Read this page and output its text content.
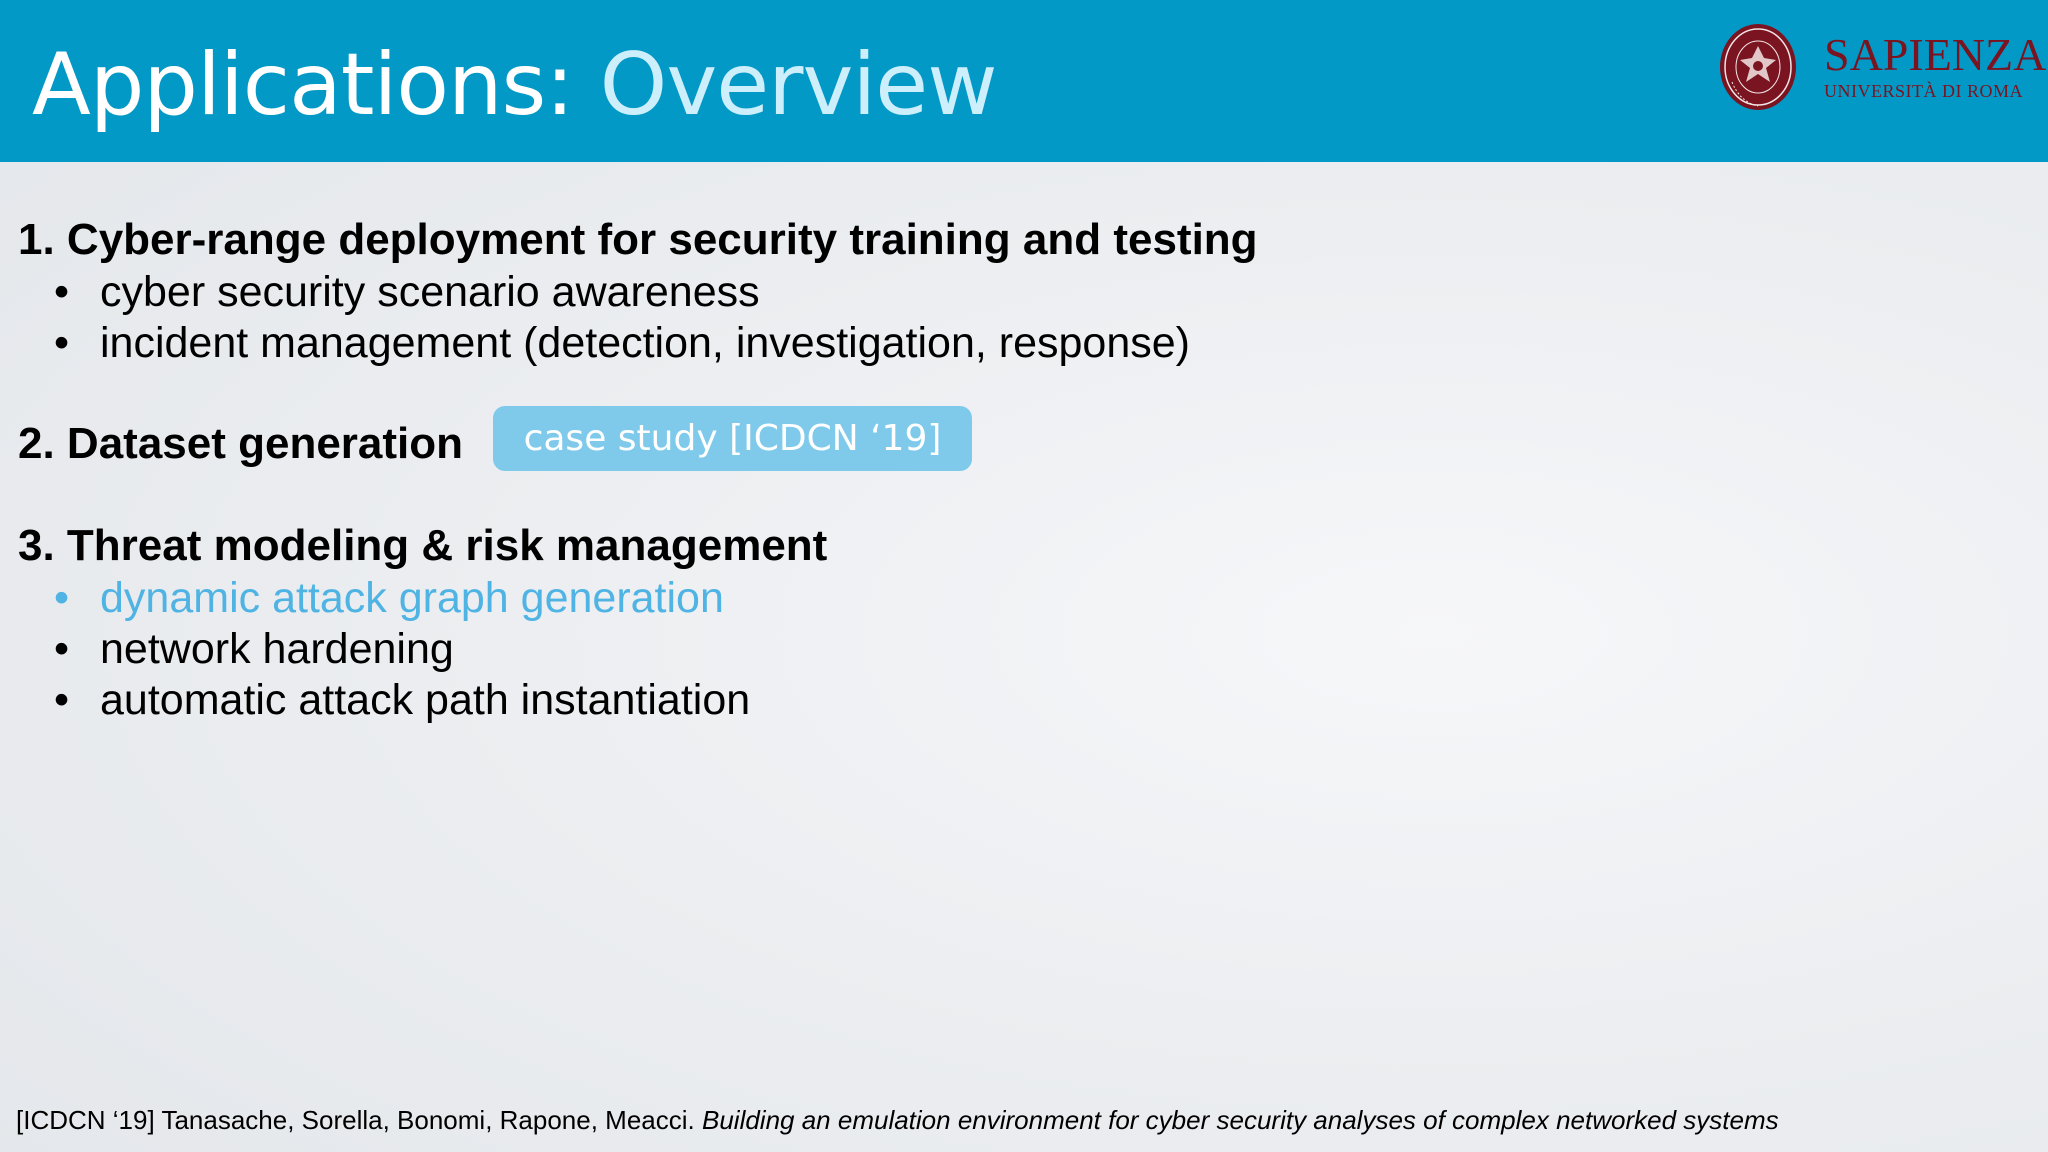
Applications: Overview	SAPIENZA
UNIVERSITÀ DI ROMA
1. Cyber-range deployment for security training and testing
• cyber security scenario awareness
• incident management (detection, investigation, response)
2. Dataset generation	case study [ICDCN ‘19]
3. Threat modeling & risk management
• dynamic attack graph generation
• network hardening
• automatic attack path instantiation
[ICDCN ‘19] Tanasache, Sorella, Bonomi, Rapone, Meacci. Building an emulation environment for cyber security analyses of complex networked systems
